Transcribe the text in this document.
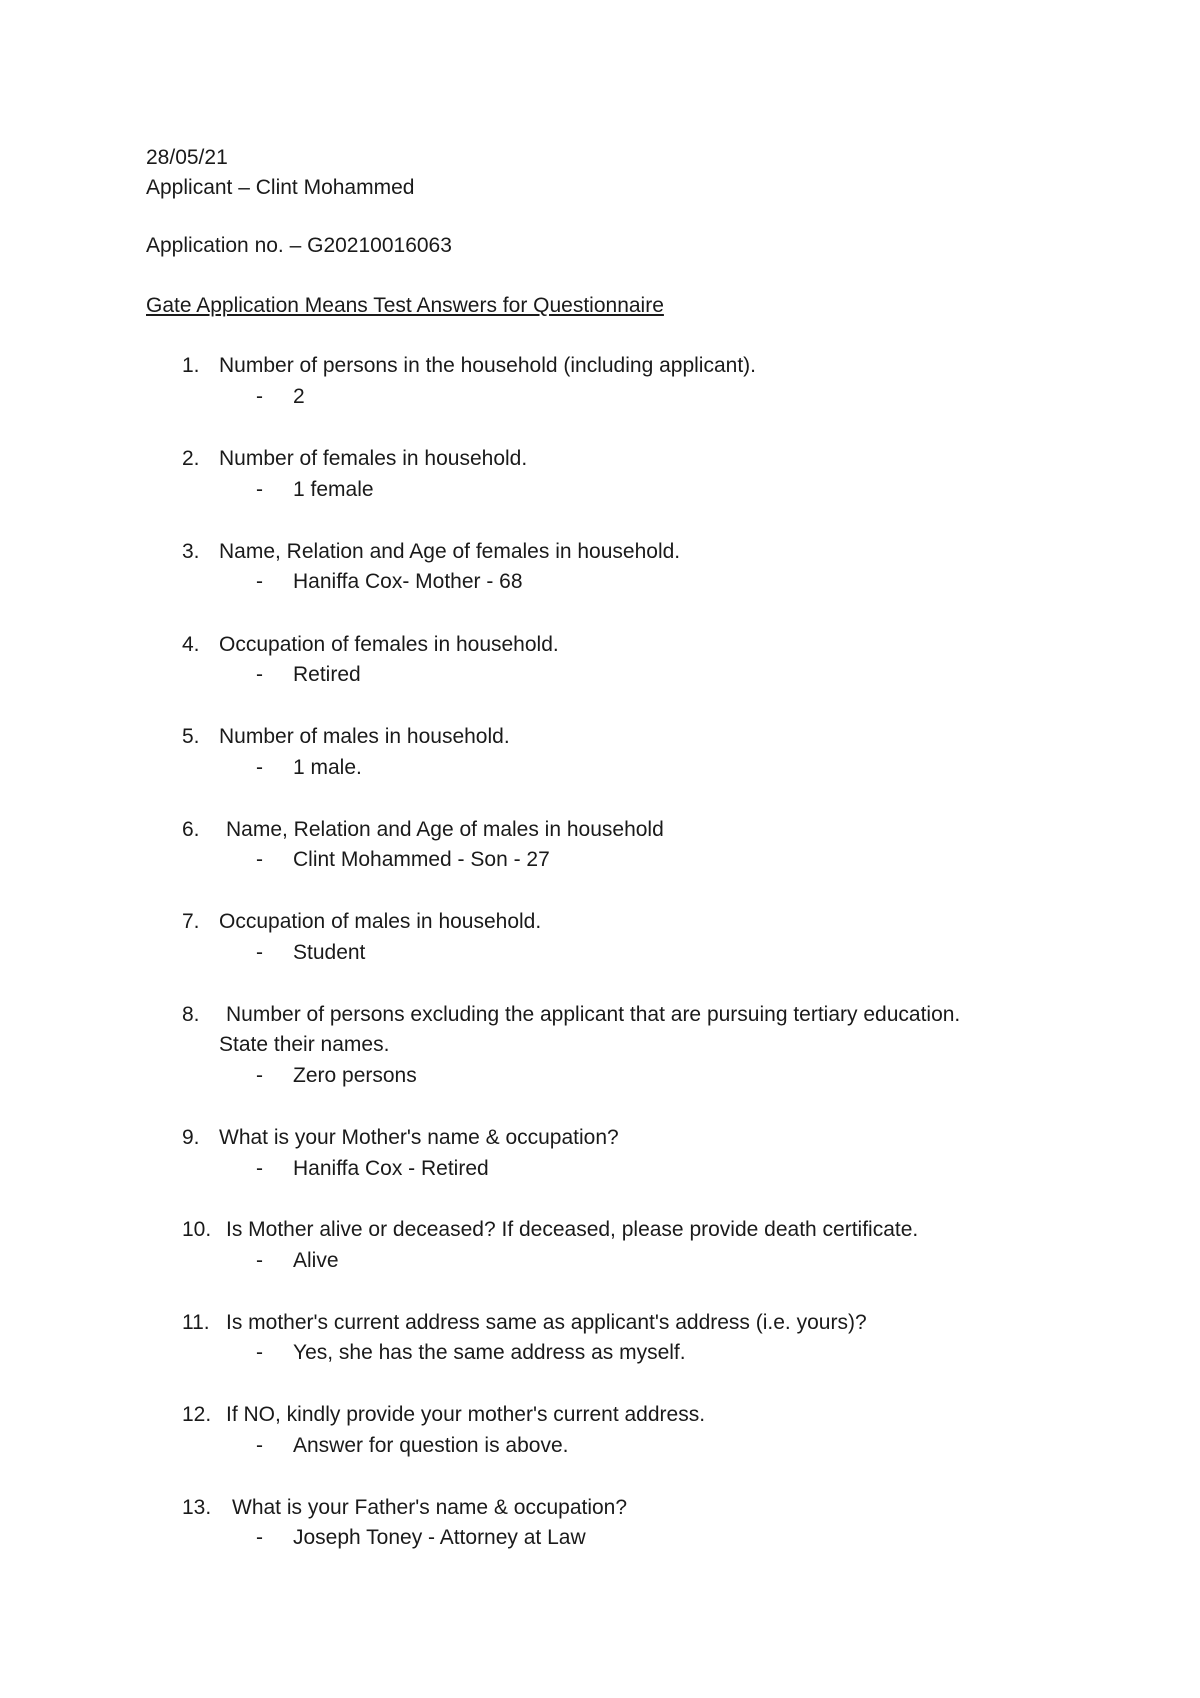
28/05/21
Applicant – Clint Mohammed
Application no. – G20210016063
Gate Application Means Test Answers for Questionnaire
1. Number of persons in the household (including applicant).
- 2
2. Number of females in household.
- 1 female
3. Name, Relation and Age of females in household.
- Haniffa Cox- Mother - 68
4. Occupation of females in household.
- Retired
5. Number of males in household.
- 1 male.
6. Name, Relation and Age of males in household
- Clint Mohammed - Son - 27
7. Occupation of males in household.
- Student
8. Number of persons excluding the applicant that are pursuing tertiary education.
State their names.
- Zero persons
9. What is your Mother's name & occupation?
- Haniffa Cox - Retired
10. Is Mother alive or deceased? If deceased, please provide death certificate.
- Alive
11. Is mother's current address same as applicant's address (i.e. yours)?
- Yes, she has the same address as myself.
12. If NO, kindly provide your mother's current address.
- Answer for question is above.
13. What is your Father's name & occupation?
- Joseph Toney - Attorney at Law
